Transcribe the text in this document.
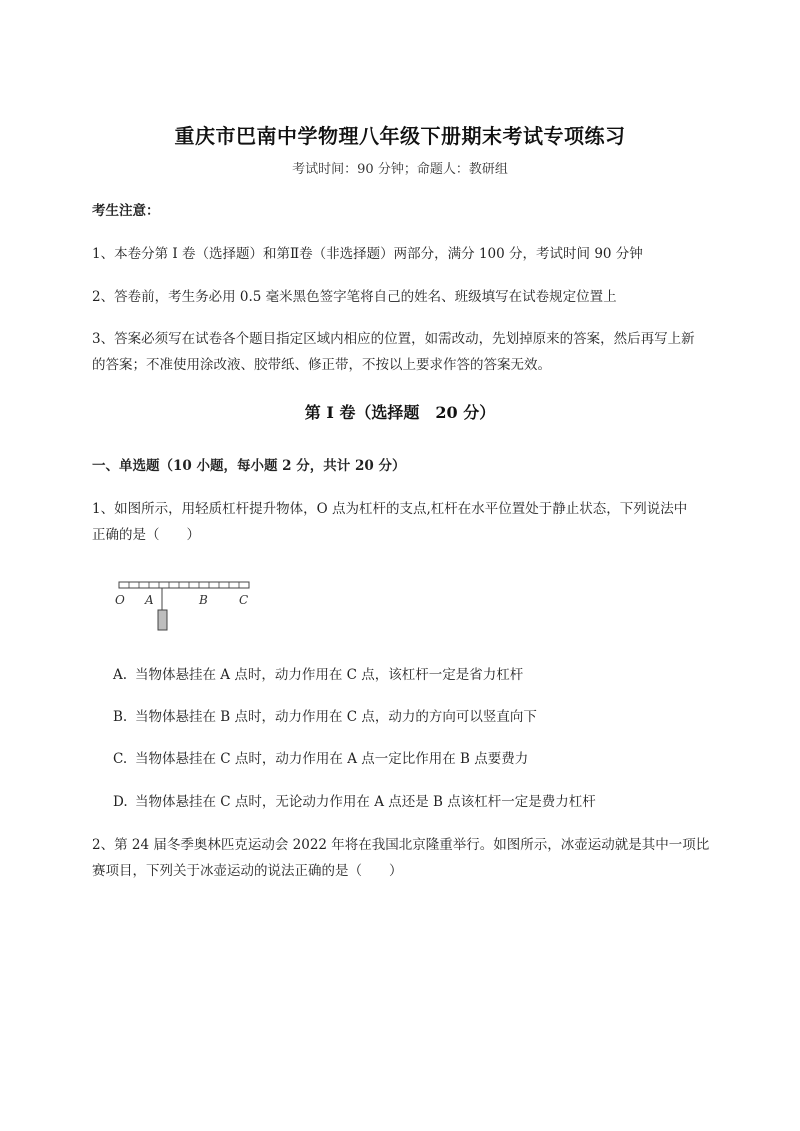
重庆市巴南中学物理八年级下册期末考试专项练习
考试时间：90 分钟；命题人：教研组
考生注意：
1、本卷分第 I 卷（选择题）和第Ⅱ卷（非选择题）两部分，满分 100 分，考试时间 90 分钟
2、答卷前，考生务必用 0.5 毫米黑色签字笔将自己的姓名、班级填写在试卷规定位置上
3、答案必须写在试卷各个题目指定区域内相应的位置，如需改动，先划掉原来的答案，然后再写上新
的答案；不准使用涂改液、胶带纸、修正带，不按以上要求作答的答案无效。
第 I 卷（选择题　20 分）
一、单选题（10 小题，每小题 2 分，共计 20 分）
1、如图所示，用轻质杠杆提升物体，O 点为杠杆的支点,杠杆在水平位置处于静止状态，下列说法中
正确的是（　　）
O A	B	C
A. 当物体悬挂在 A 点时，动力作用在 C 点，该杠杆一定是省力杠杆
B. 当物体悬挂在 B 点时，动力作用在 C 点，动力的方向可以竖直向下
C. 当物体悬挂在 C 点时，动力作用在 A 点一定比作用在 B 点要费力
D. 当物体悬挂在 C 点时，无论动力作用在 A 点还是 B 点该杠杆一定是费力杠杆
2、第 24 届冬季奥林匹克运动会 2022 年将在我国北京隆重举行。如图所示，冰壶运动就是其中一项比
赛项目，下列关于冰壶运动的说法正确的是（　　）
